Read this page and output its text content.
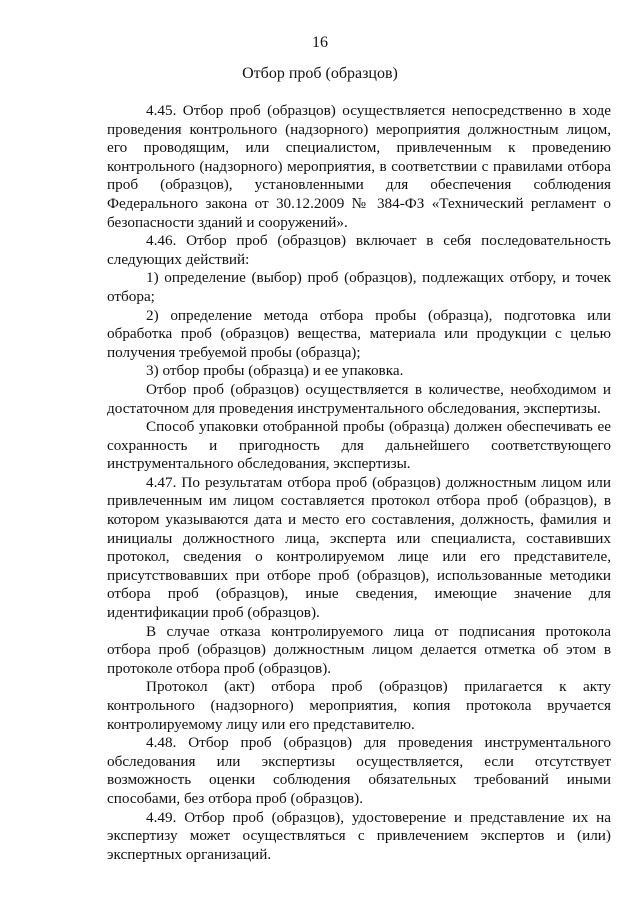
16
Отбор проб (образцов)

4.45. Отбор проб (образцов) осуществляется непосредственно в ходе проведения контрольного (надзорного) мероприятия должностным лицом, его проводящим, или специалистом, привлеченным к проведению контрольного (надзорного) мероприятия, в соответствии с правилами отбора проб (образцов), установленными для обеспечения соблюдения Федерального закона от 30.12.2009 № 384-ФЗ «Технический регламент о безопасности зданий и сооружений».

4.46. Отбор проб (образцов) включает в себя последовательность следующих действий:

1) определение (выбор) проб (образцов), подлежащих отбору, и точек отбора;

2) определение метода отбора пробы (образца), подготовка или обработка проб (образцов) вещества, материала или продукции с целью получения требуемой пробы (образца);

3) отбор пробы (образца) и ее упаковка.

Отбор проб (образцов) осуществляется в количестве, необходимом и достаточном для проведения инструментального обследования, экспертизы.

Способ упаковки отобранной пробы (образца) должен обеспечивать ее сохранность и пригодность для дальнейшего соответствующего инструментального обследования, экспертизы.

4.47. По результатам отбора проб (образцов) должностным лицом или привлеченным им лицом составляется протокол отбора проб (образцов), в котором указываются дата и место его составления, должность, фамилия и инициалы должностного лица, эксперта или специалиста, составивших протокол, сведения о контролируемом лице или его представителе, присутствовавших при отборе проб (образцов), использованные методики отбора проб (образцов), иные сведения, имеющие значение для идентификации проб (образцов).

В случае отказа контролируемого лица от подписания протокола отбора проб (образцов) должностным лицом делается отметка об этом в протоколе отбора проб (образцов).

Протокол (акт) отбора проб (образцов) прилагается к акту контрольного (надзорного) мероприятия, копия протокола вручается контролируемому лицу или его представителю.

4.48. Отбор проб (образцов) для проведения инструментального обследования или экспертизы осуществляется, если отсутствует возможность оценки соблюдения обязательных требований иными способами, без отбора проб (образцов).

4.49. Отбор проб (образцов), удостоверение и представление их на экспертизу может осуществляться с привлечением экспертов и (или) экспертных организаций.
